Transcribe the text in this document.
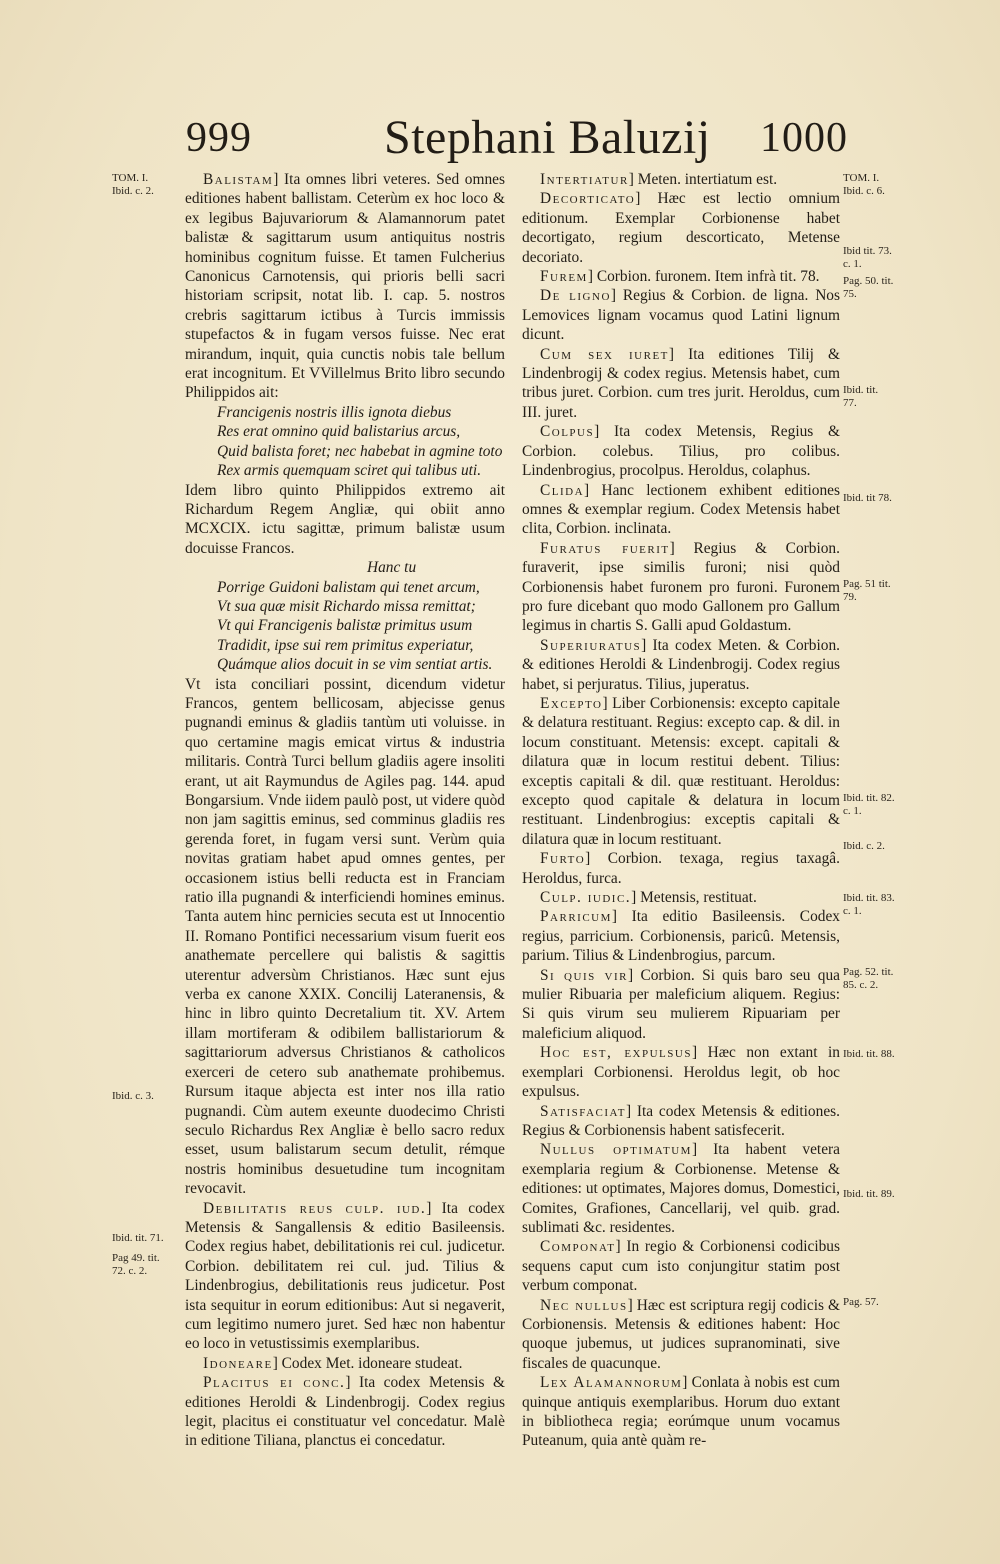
999	Stephani Baluzij 1000

Balistam] Ita omnes libri veteres. Sed omnes editiones habent ballistam. Ceterùm ex hoc loco & ex legibus Bajuvariorum & Alamannorum patet balistæ & sagittarum usum antiquitus nostris hominibus cognitum fuisse. Et tamen Fulcherius Canonicus Carnotensis, qui prioris belli sacri historiam scripsit, notat lib. I. cap. 5. nostros crebris sagittarum ictibus à Turcis immissis stupefactos & in fugam versos fuisse. Nec erat mirandum, inquit, quia cunctis nobis tale bellum erat incognitum. Et VVillelmus Brito libro secundo Philippidos ait:

Francigenis nostris illis ignota diebus
Res erat omnino quid balistarius arcus,
Quid balista foret; nec habebat in agmine toto
Rex armis quemquam sciret qui talibus uti.

Idem libro quinto Philippidos extremo ait Richardum Regem Angliæ, qui obiit anno MCXCIX. ictu sagittæ, primum balistæ usum docuisse Francos.

Hanc tu
Porrige Guidoni balistam qui tenet arcum,
Vt sua quæ misit Richardo missa remittat;
Vt qui Francigenis balistæ primitus usum
Tradidit, ipse sui rem primitus experiatur,
Quámque alios docuit in se vim sentiat artis.

Vt ista conciliari possint, dicendum videtur Francos, gentem bellicosam, abjecisse genus pugnandi eminus & gladiis tantùm uti voluisse. in quo certamine magis emicat virtus & industria militaris. Contrà Turci bellum gladiis agere insoliti erant, ut ait Raymundus de Agiles pag. 144. apud Bongarsium. Vnde iidem paulò post, ut viderе quòd non jam sagittis eminus, sed comminus gladiis res gerenda foret, in fugam versi sunt. Verùm quia novitas gratiam habet apud omnes gentes, per occasionem istius belli reducta est in Franciam ratio illa pugnandi & interficiendi homines eminus. Tanta autem hinc pernicies secuta est ut Innocentio II. Romano Pontifici necessarium visum fuerit eos anathemate percellere qui balistis & sagittis uterentur adversùm Christianos. Hæc sunt ejus verba ex canone XXIX. Concilij Lateranensis, & hinc in libro quinto Decretalium tit. XV. Artem illam mortiferam & odibilem ballistariorum & sagittariorum adversus Christianos & catholicos exerceri de cetero sub anathemate prohibemus. Rursum itaque abjecta est inter nos illa ratio pugnandi. Cùm autem exeunte duodecimo Christi seculo Richardus Rex Angliæ è bello sacro redux esset, usum balistarum secum detulit, rémque nostris hominibus desuetudine tum incognitam revocavit.

Debilitatis reus culp. iud.] Ita codex Metensis & Sangallensis & editio Basileensis. Codex regius habet, debilitationis rei cul. judicetur. Corbion. debilitatem rei cul. jud. Tilius & Lindenbrogius, debilitationis reus judicetur. Post ista sequitur in eorum editionibus: Aut si negaverit, cum legitimo numero juret. Sed hæc non habentur eo loco in vetustissimis exemplaribus.

Idoneare] Codex Met. idoneare studeat.

Placitus ei conc.] Ita codex Metensis & editiones Heroldi & Lindenbrogij. Codex regius legit, placitus ei constituatur vel concedatur. Malè in editione Tiliana, planctus ei concedatur.

Intertiatur] Meten. intertiatum est.

Decorticato] Hæc est lectio omnium editionum. Exemplar Corbionense habet decortigato, regium descorticato, Metense decoriato.

Furem] Corbion. furonem. Item infrà tit. 78.

De ligno] Regius & Corbion. de ligna. Nos Lemovices lignam vocamus quod Latini lignum dicunt.

Cum sex iuret] Ita editiones Tilij & Lindenbrogij & codex regius. Metensis habet, cum tribus juret. Corbion. cum tres jurit. Heroldus, cum III. juret.

Colpus] Ita codex Metensis, Regius & Corbion. colebus. Tilius, pro colibus. Lindenbrogius, procolpus. Heroldus, colaphus.

Clida] Hanc lectionem exhibent editiones omnes & exemplar regium. Codex Metensis habet clita, Corbion. inclinata.

Furatus fuerit] Regius & Corbion. furaverit, ipse similis furoni; nisi quòd Corbionensis habet furonem pro furoni. Furonem pro fure dicebant quo modo Gallonem pro Gallum legimus in chartis S. Galli apud Goldastum.

Superiuratus] Ita codex Meten. & Corbion. & editiones Heroldi & Lindenbrogij. Codex regius habet, si perjuratus. Tilius, juperatus.

Excepto] Liber Corbionensis: excepto capitale & delatura restituant. Regius: excepto cap. & dil. in locum constituant. Metensis: except. capitali & dilatura quæ in locum restitui debent. Tilius: exceptis capitali & dil. quæ restituant. Heroldus: excepto quod capitale & delatura in locum restituant. Lindenbrogius: exceptis capitali & dilatura quæ in locum restituant.

Furto] Corbion. texaga, regius taxagâ. Heroldus, furca.

Culp. iudic.] Metensis, restituat.

Parricum] Ita editio Basileensis. Codex regius, parricium. Corbionensis, paricû. Metensis, parium. Tilius & Lindenbrogius, parcum.

Si quis vir] Corbion. Si quis baro seu qua mulier Ribuaria per maleficium aliquem. Regius: Si quis virum seu mulierem Ripuariam per maleficium aliquod.

Hoc est, expulsus] Hæc non extant in exemplari Corbionensi. Heroldus legit, ob hoc expulsus.

Satisfaciat] Ita codex Metensis & editiones. Regius & Corbionensis habent satisfecerit.

Nullus optimatum] Ita habent vetera exemplaria regium & Corbionense. Metense & editiones: ut optimates, Majores domus, Domestici, Comites, Grafiones, Cancellarij, vel quib. grad. sublimati &c. residentes.

Componat] In regio & Corbionensi codicibus sequens caput cum isto conjungitur statim post verbum componat.

Nec nullus] Hæc est scriptura regij codicis & Corbionensis. Metensis & editiones habent: Hoc quoque jubemus, ut judices supranominati, sive fiscales de quacunque.

Lex Alamannorum] Conlata à nobis est cum quinque antiquis exemplaribus. Horum duo extant in bibliotheca regia; eorúmque unum vocamus Puteanum, quia antè quàm re-

TOM. I.
Ibid. c. 2.
Ibid. c. 3.
Ibid. tit. 71.
Pag 49. tit.
72. c. 2.
TOM. I.
Ibid. c. 6.
Ibid tit. 73.
c. 1.
Pag. 50. tit.
75.
Ibid. tit.
77.
Ibid. tit 78.
Pag. 51 tit.
79.
Ibid. tit. 82.
c. 1.
Ibid. c. 2.
Ibid. tit. 83.
c. 1.
Pag. 52. tit.
85. c. 2.
Ibid. tit. 88.
Ibid. tit. 89.
Pag. 57.
